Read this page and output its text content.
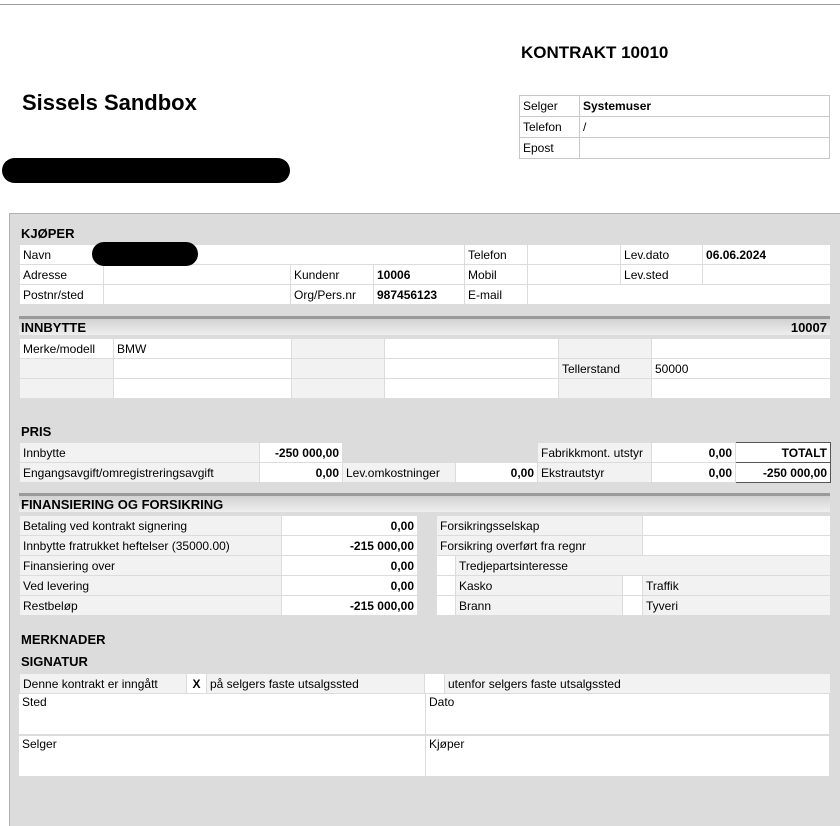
KONTRAKT 10010
Sissels Sandbox	Selger	Systemuser
Telefon	/
Epost	
KJØPER
Navn				Telefon		Lev.dato	06.06.2024
Adresse		Kundenr	10006	Mobil		Lev.sted	
Postnr/sted		Org/Pers.nr	987456123	E-mail			
INNBYTTE	10007
Merke/modell	BMW				
				Tellerstand	50000

PRIS
Innbytte	-250 000,00			Fabrikkmont. utstyr	0,00	TOTALT
Engangsavgift/omregistreringsavgift	0,00	Lev.omkostninger	0,00	Ekstrautstyr	0,00	-250 000,00
FINANSIERING OG FORSIKRING
Betaling ved kontrakt signering	0,00
Innbytte fratrukket heftelser (35000.00)	-215 000,00
Finansiering over	0,00
Ved levering	0,00
Restbeløp	-215 000,00
Forsikringsselskap			
Forsikring overført fra regnr			
	Tredjepartsinteresse		
	Kasko		Traffik
	Brann		Tyveri
MERKNADER
SIGNATUR
Denne kontrakt er inngått	X	på selgers faste utsalgssted		utenfor selgers faste utsalgssted
Sted	Dato
Selger	Kjøper
